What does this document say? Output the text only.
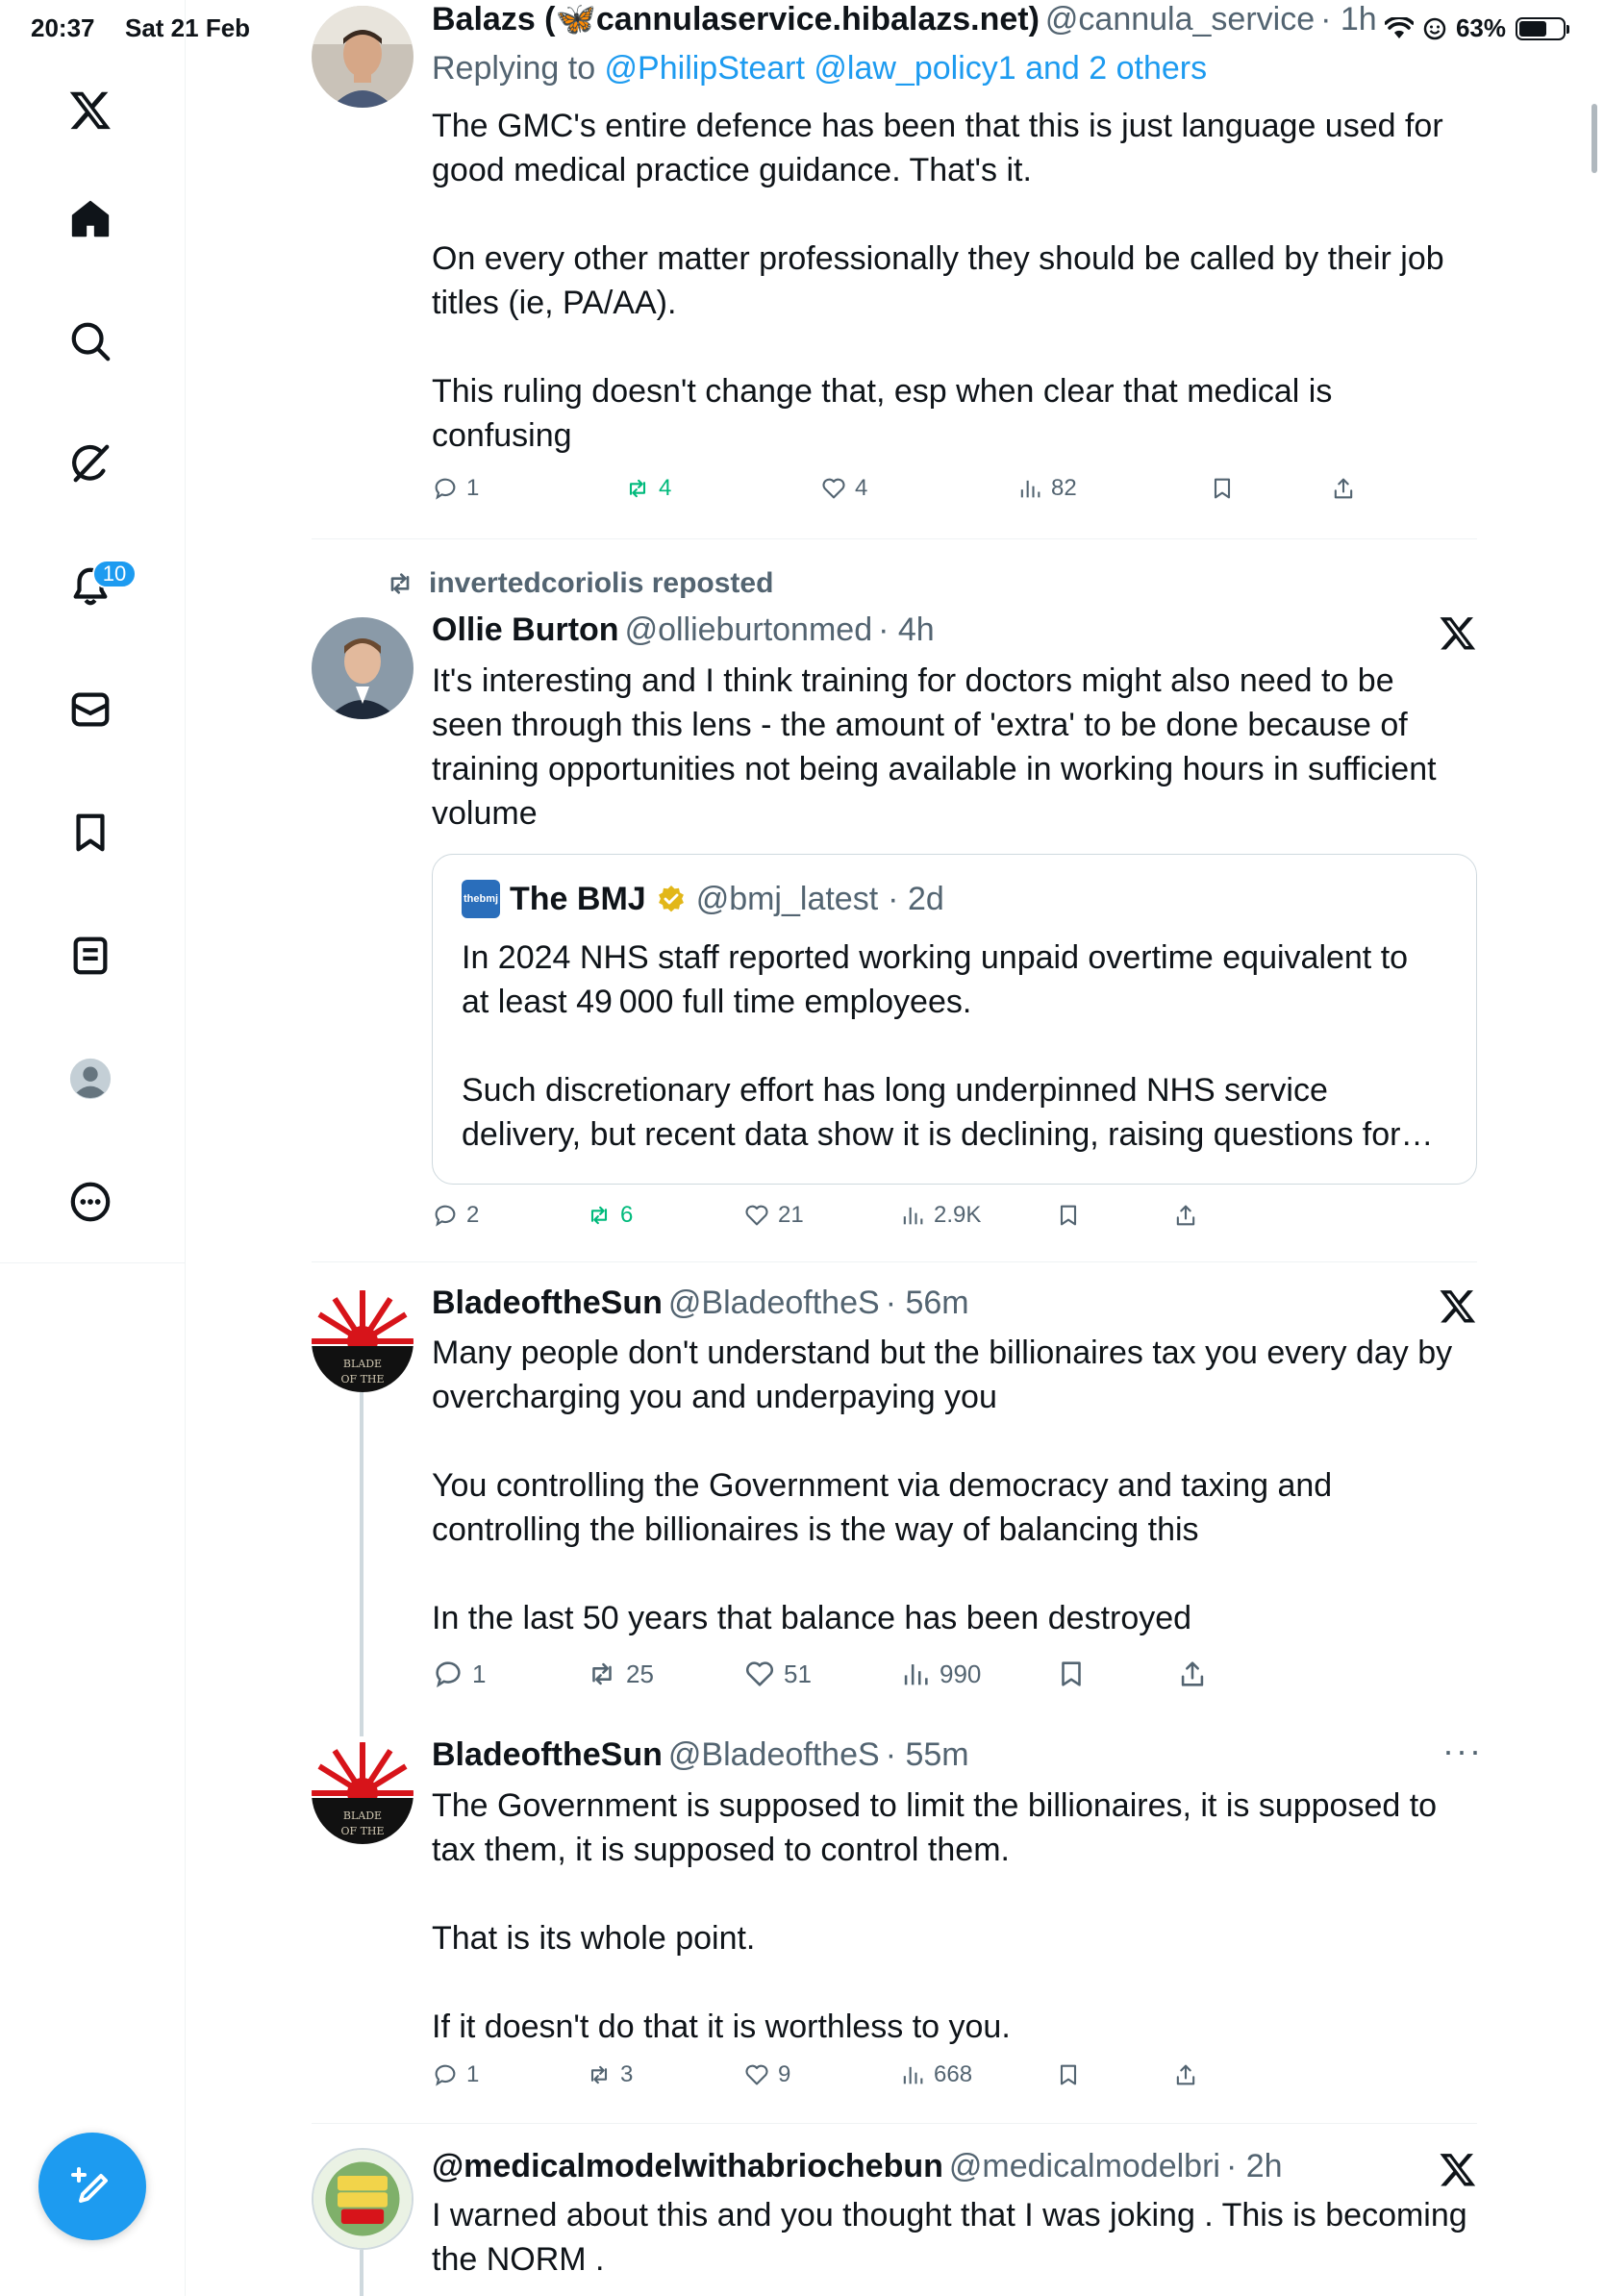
20:37 Sat 21 Feb	63%
10
Balazs (🦋cannulaservice.hibalazs.net) @cannula_service · 1h
Replying to @PhilipSteart @law_policy1 and 2 others
The GMC's entire defence has been that this is just language used for good medical practice guidance. That's it.

On every other matter professionally they should be called by their job titles (ie, PA/AA).

This ruling doesn't change that, esp when clear that medical is confusing
1	4	4	82
invertedcoriolis reposted
Ollie Burton @ollieburtonmed · 4h
It's interesting and I think training for doctors might also need to be seen through this lens - the amount of 'extra' to be done because of training opportunities not being available in working hours in sufficient volume
thebmj The BMJ @bmj_latest · 2d
In 2024 NHS staff reported working unpaid overtime equivalent to at least 49 000 full time employees.

Such discretionary effort has long underpinned NHS service delivery, but recent data show it is declining, raising questions for…
2	6	21	2.9K
BLADE
OF THE
BladeoftheSun @BladeoftheS · 56m
Many people don't understand but the billionaires tax you every day by overcharging you and underpaying you

You controlling the Government via democracy and taxing and controlling the billionaires is the way of balancing this

In the last 50 years that balance has been destroyed
1	25	51	990
BLADE
OF THE
BladeoftheSun @BladeoftheS · 55m	···
The Government is supposed to limit the billionaires, it is supposed to tax them, it is supposed to control them.

That is its whole point.

If it doesn't do that it is worthless to you.
1	3	9	668
@medicalmodelwithabriochebun @medicalmodelbri · 2h
I warned about this and you thought that I was joking . This is becoming the NORM .
